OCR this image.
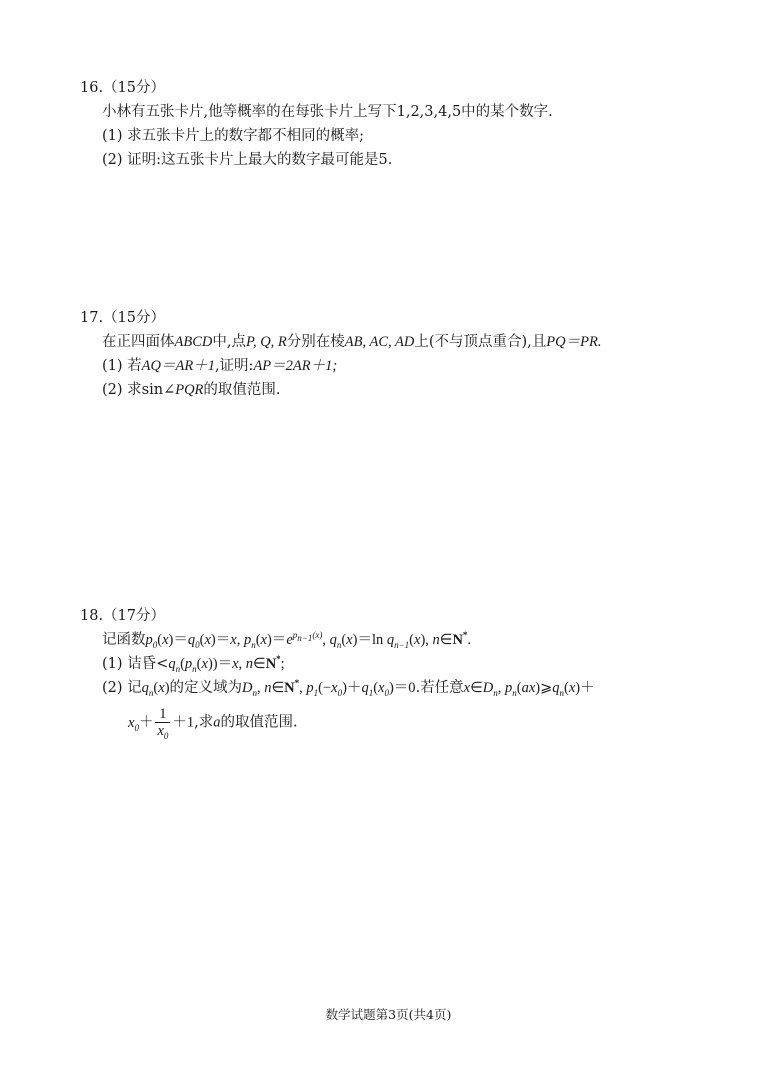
16.（15分）
小林有五张卡片,他等概率的在每张卡片上写下1,2,3,4,5中的某个数字.
(1) 求五张卡片上的数字都不相同的概率;
(2) 证明:这五张卡片上最大的数字最可能是5.
17.（15分）
在正四面体ABCD中,点P, Q, R分别在棱AB, AC, AD上(不与顶点重合),且PQ＝PR.
(1) 若AQ＝AR＋1,证明:AP＝2AR＋1;
(2) 求sin∠PQR的取值范围.
18.（17分）
记函数$p_0(x)=q_0(x)=x$, $p_n(x)=e^{p_{n-1}(x)}$, $q_n(x)=\ln$ $q_{n-1}(x)$, n∈N*.
(1) 诘昏$<q_n(p_n(x))=x$, n∈N*;
(2) 记$q_n(x)$的定义域为$D_n$, n∈N*, $p_1(-x_0)+q_1(x_0)=0$.若任意$x\in D_n$, $p_n(ax)⩾q_n(x)+$
$x_0+ \frac{1}{x_0} +1$,求a的取值范围.
数学试题第3页(共4页)
